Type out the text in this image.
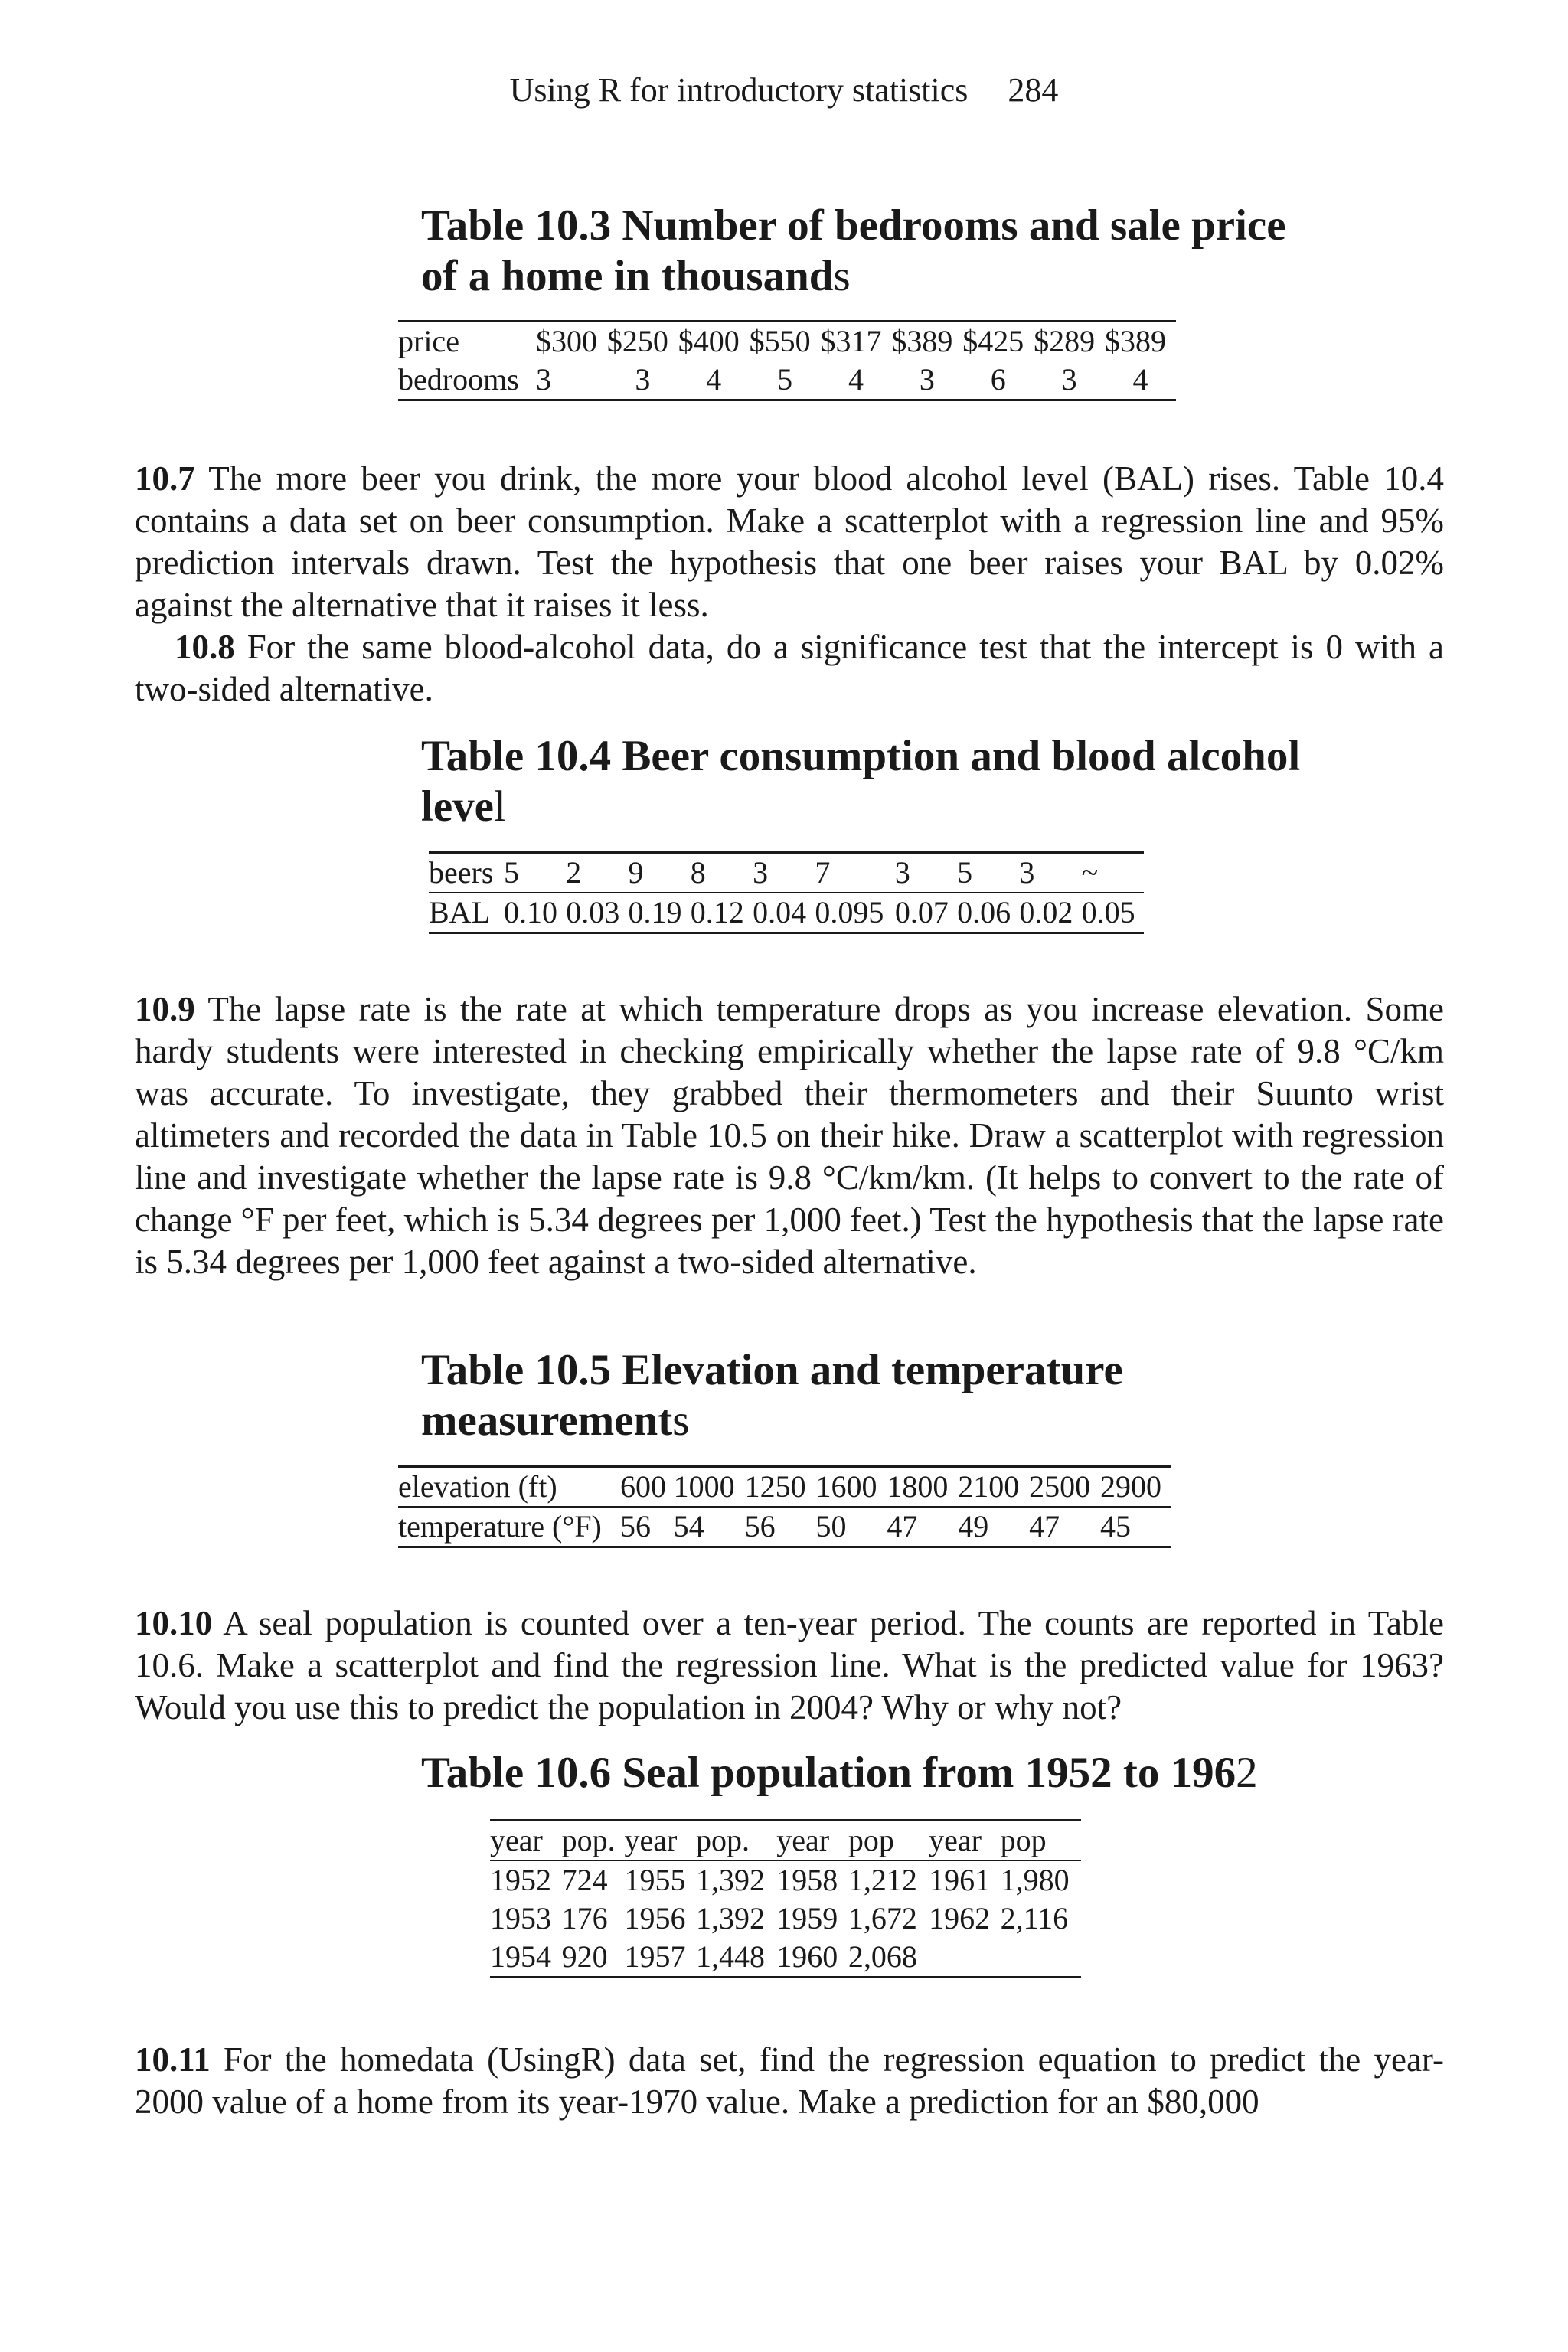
Using R for introductory statistics 284
Table 10.3 Number of bedrooms and sale price of a home in thousands
price	$300	$250	$400	$550	$317	$389	$425	$289	$389
bedrooms	3	3	4	5	4	3	6	3	4

10.7 The more beer you drink, the more your blood alcohol level (BAL) rises. Table 10.4 contains a data set on beer consumption. Make a scatterplot with a regression line and 95% prediction intervals drawn. Test the hypothesis that one beer raises your BAL by 0.02% against the alternative that it raises it less.

10.8 For the same blood-alcohol data, do a significance test that the intercept is 0 with a two-sided alternative.

Table 10.4 Beer consumption and blood alcohol level
beers	5	2	9	8	3	7	3	5	3	~
BAL	0.10	0.03	0.19	0.12	0.04	0.095	0.07	0.06	0.02	0.05

10.9 The lapse rate is the rate at which temperature drops as you increase elevation. Some hardy students were interested in checking empirically whether the lapse rate of 9.8 °C/km was accurate. To investigate, they grabbed their thermometers and their Suunto wrist altimeters and recorded the data in Table 10.5 on their hike. Draw a scatterplot with regression line and investigate whether the lapse rate is 9.8 °C/km/km. (It helps to convert to the rate of change °F per feet, which is 5.34 degrees per 1,000 feet.) Test the hypothesis that the lapse rate is 5.34 degrees per 1,000 feet against a two-sided alternative.

Table 10.5 Elevation and temperature measurements
elevation (ft)	600	1000	1250	1600	1800	2100	2500	2900
temperature (°F)	56	54	56	50	47	49	47	45

10.10 A seal population is counted over a ten-year period. The counts are reported in Table 10.6. Make a scatterplot and find the regression line. What is the predicted value for 1963? Would you use this to predict the population in 2004? Why or why not?

Table 10.6 Seal population from 1952 to 1962
year	pop.	year	pop.	year	pop	year	pop
1952	724	1955	1,392	1958	1,212	1961	1,980
1953	176	1956	1,392	1959	1,672	1962	2,116
1954	920	1957	1,448	1960	2,068		

10.11 For the homedata (UsingR) data set, find the regression equation to predict the year-2000 value of a home from its year-1970 value. Make a prediction for an $80,000
